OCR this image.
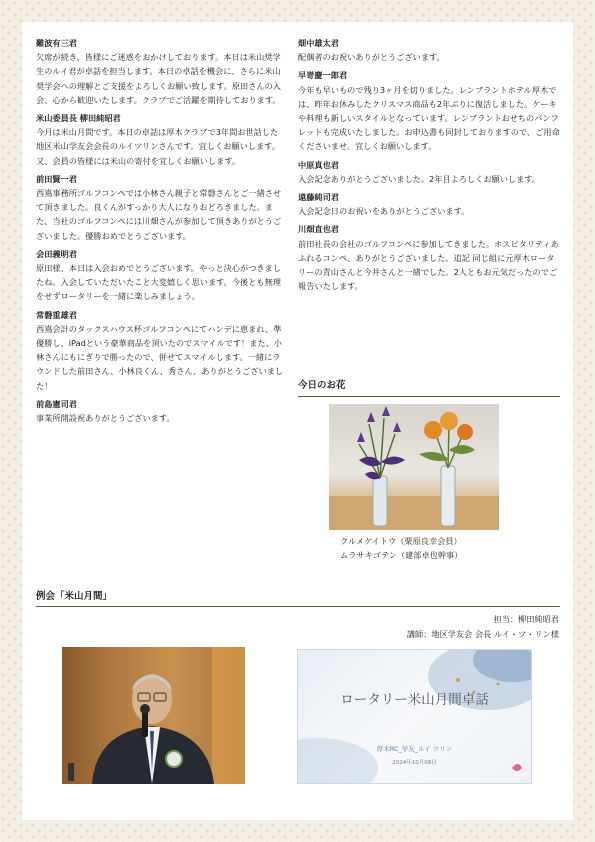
難波有三君
欠席が続き、皆様にご迷惑をおかけしております。本日は米山奨学生のルイ君が卓話を担当します。本日の卓話を機会に、さらに米山奨学会への理解とご支援をよろしくお願い致します。原田さんの入会、心から歓迎いたします。クラブでご活躍を期待しております。
米山委員長 柳田純昭君
今月は米山月間です。本日の卓話は厚木クラブで3年間お世話した地区米山学友会会長のルイツリンさんです。宜しくお願いします。又、会員の皆様には米山の寄付を宜しくお願いします。
前田賢一君
西嶌事務所ゴルフコンペでは小林さん親子と常磐さんとご一緒させて頂きました。良くんがすっかり大人になりおどろきました。また、当社のゴルフコンペには川畑さんが参加して頂きありがとうございました。優勝おめでとうございます。
会田義明君
原田様、本日は入会おめでとうございます。やっと決心がつきましたね。入会していただいたこと大変嬉しく思います。今後とも無理をせずロータリーを一緒に楽しみましょう。
常磐重雄君
西嶌会計のタックスハウス杯ゴルフコンペにてハンデに恵まれ、準優勝し、iPadという豪華商品を頂いたのでスマイルです！また、小林さんにもにぎりで勝ったので、併せてスマイルします。一緒にラウンドした前田さん、小林良くん、秀さん、ありがとうございました！
前島憲司君
事業所開設祝ありがとうございます。
畑中雄太君
配偶者のお祝いありがとうございます。
早嵜慶一郎君
今年も早いもので残り3ヶ月を切りました。レンブラントホテル厚木では、昨年お休みしたクリスマス商品も2年ぶりに復活しました。ケーキや料理も新しいスタイルとなっています。レンブラントおせちのパンフレットも完成いたしました。お申込書も同封しておりますので、ご用命くださいませ。宜しくお願いします。
中原真也君
入会記念ありがとうございました。2年目よろしくお願いします。
遠藤純司君
入会記念日のお祝いをありがとうございます。
川畑直也君
前田社長の会社のゴルフコンペに参加してきました。ホスピタリティあふれるコンペ、ありがとうございました。追記 同じ組に元厚木ロータリーの青山さんと今井さんと一緒でした。2人ともお元気だったのでご報告いたします。
今日のお花
クルメケイトウ（栗原良幸会員）
ムラサキゴテン（建部卓也幹事）
例会「米山月間」
担当：柳田純昭君
講師：地区学友会 会長 ルイ・ツ・リン様
ロータリー米山月間卓話
厚木RC_学友_ルイ ツリン
2024年10月08日
